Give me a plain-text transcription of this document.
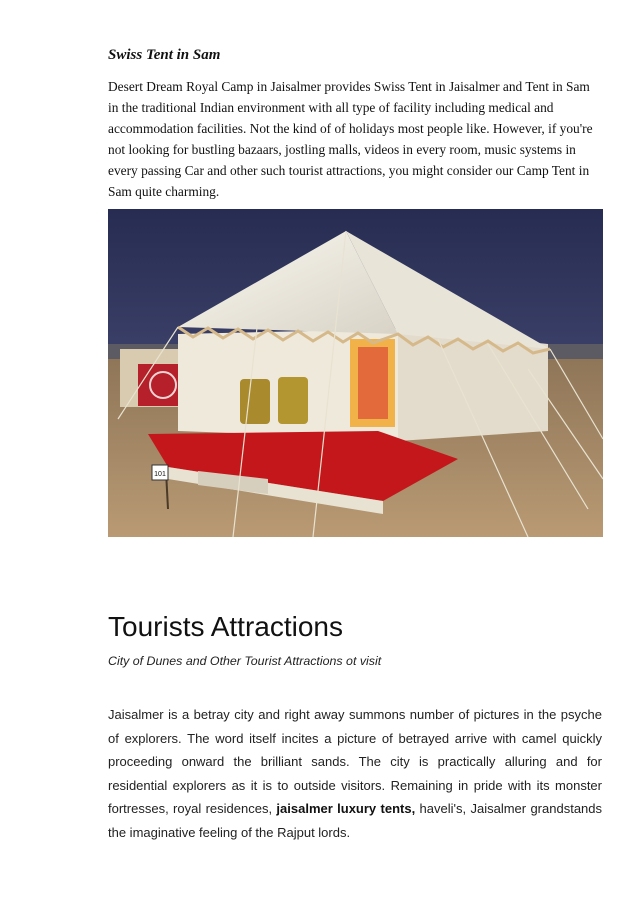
Swiss Tent in Sam

Desert Dream Royal Camp in Jaisalmer provides Swiss Tent in Jaisalmer and Tent in Sam in the traditional Indian environment with all type of facility including medical and accommodation facilities. Not the kind of of holidays most people like. However, if you're not looking for bustling bazaars, jostling malls, videos in every room, music systems in every passing Car and other such tourist attractions, you might consider our Camp Tent in Sam quite charming.

101
Tourists Attractions

City of Dunes and Other Tourist Attractions ot visit

Jaisalmer is a betray city and right away summons number of pictures in the psyche of explorers. The word itself incites a picture of betrayed arrive with camel quickly proceeding onward the brilliant sands. The city is practically alluring and for residential explorers as it is to outside visitors. Remaining in pride with its monster fortresses, royal residences, jaisalmer luxury tents, haveli's, Jaisalmer grandstands the imaginative feeling of the Rajput lords.
